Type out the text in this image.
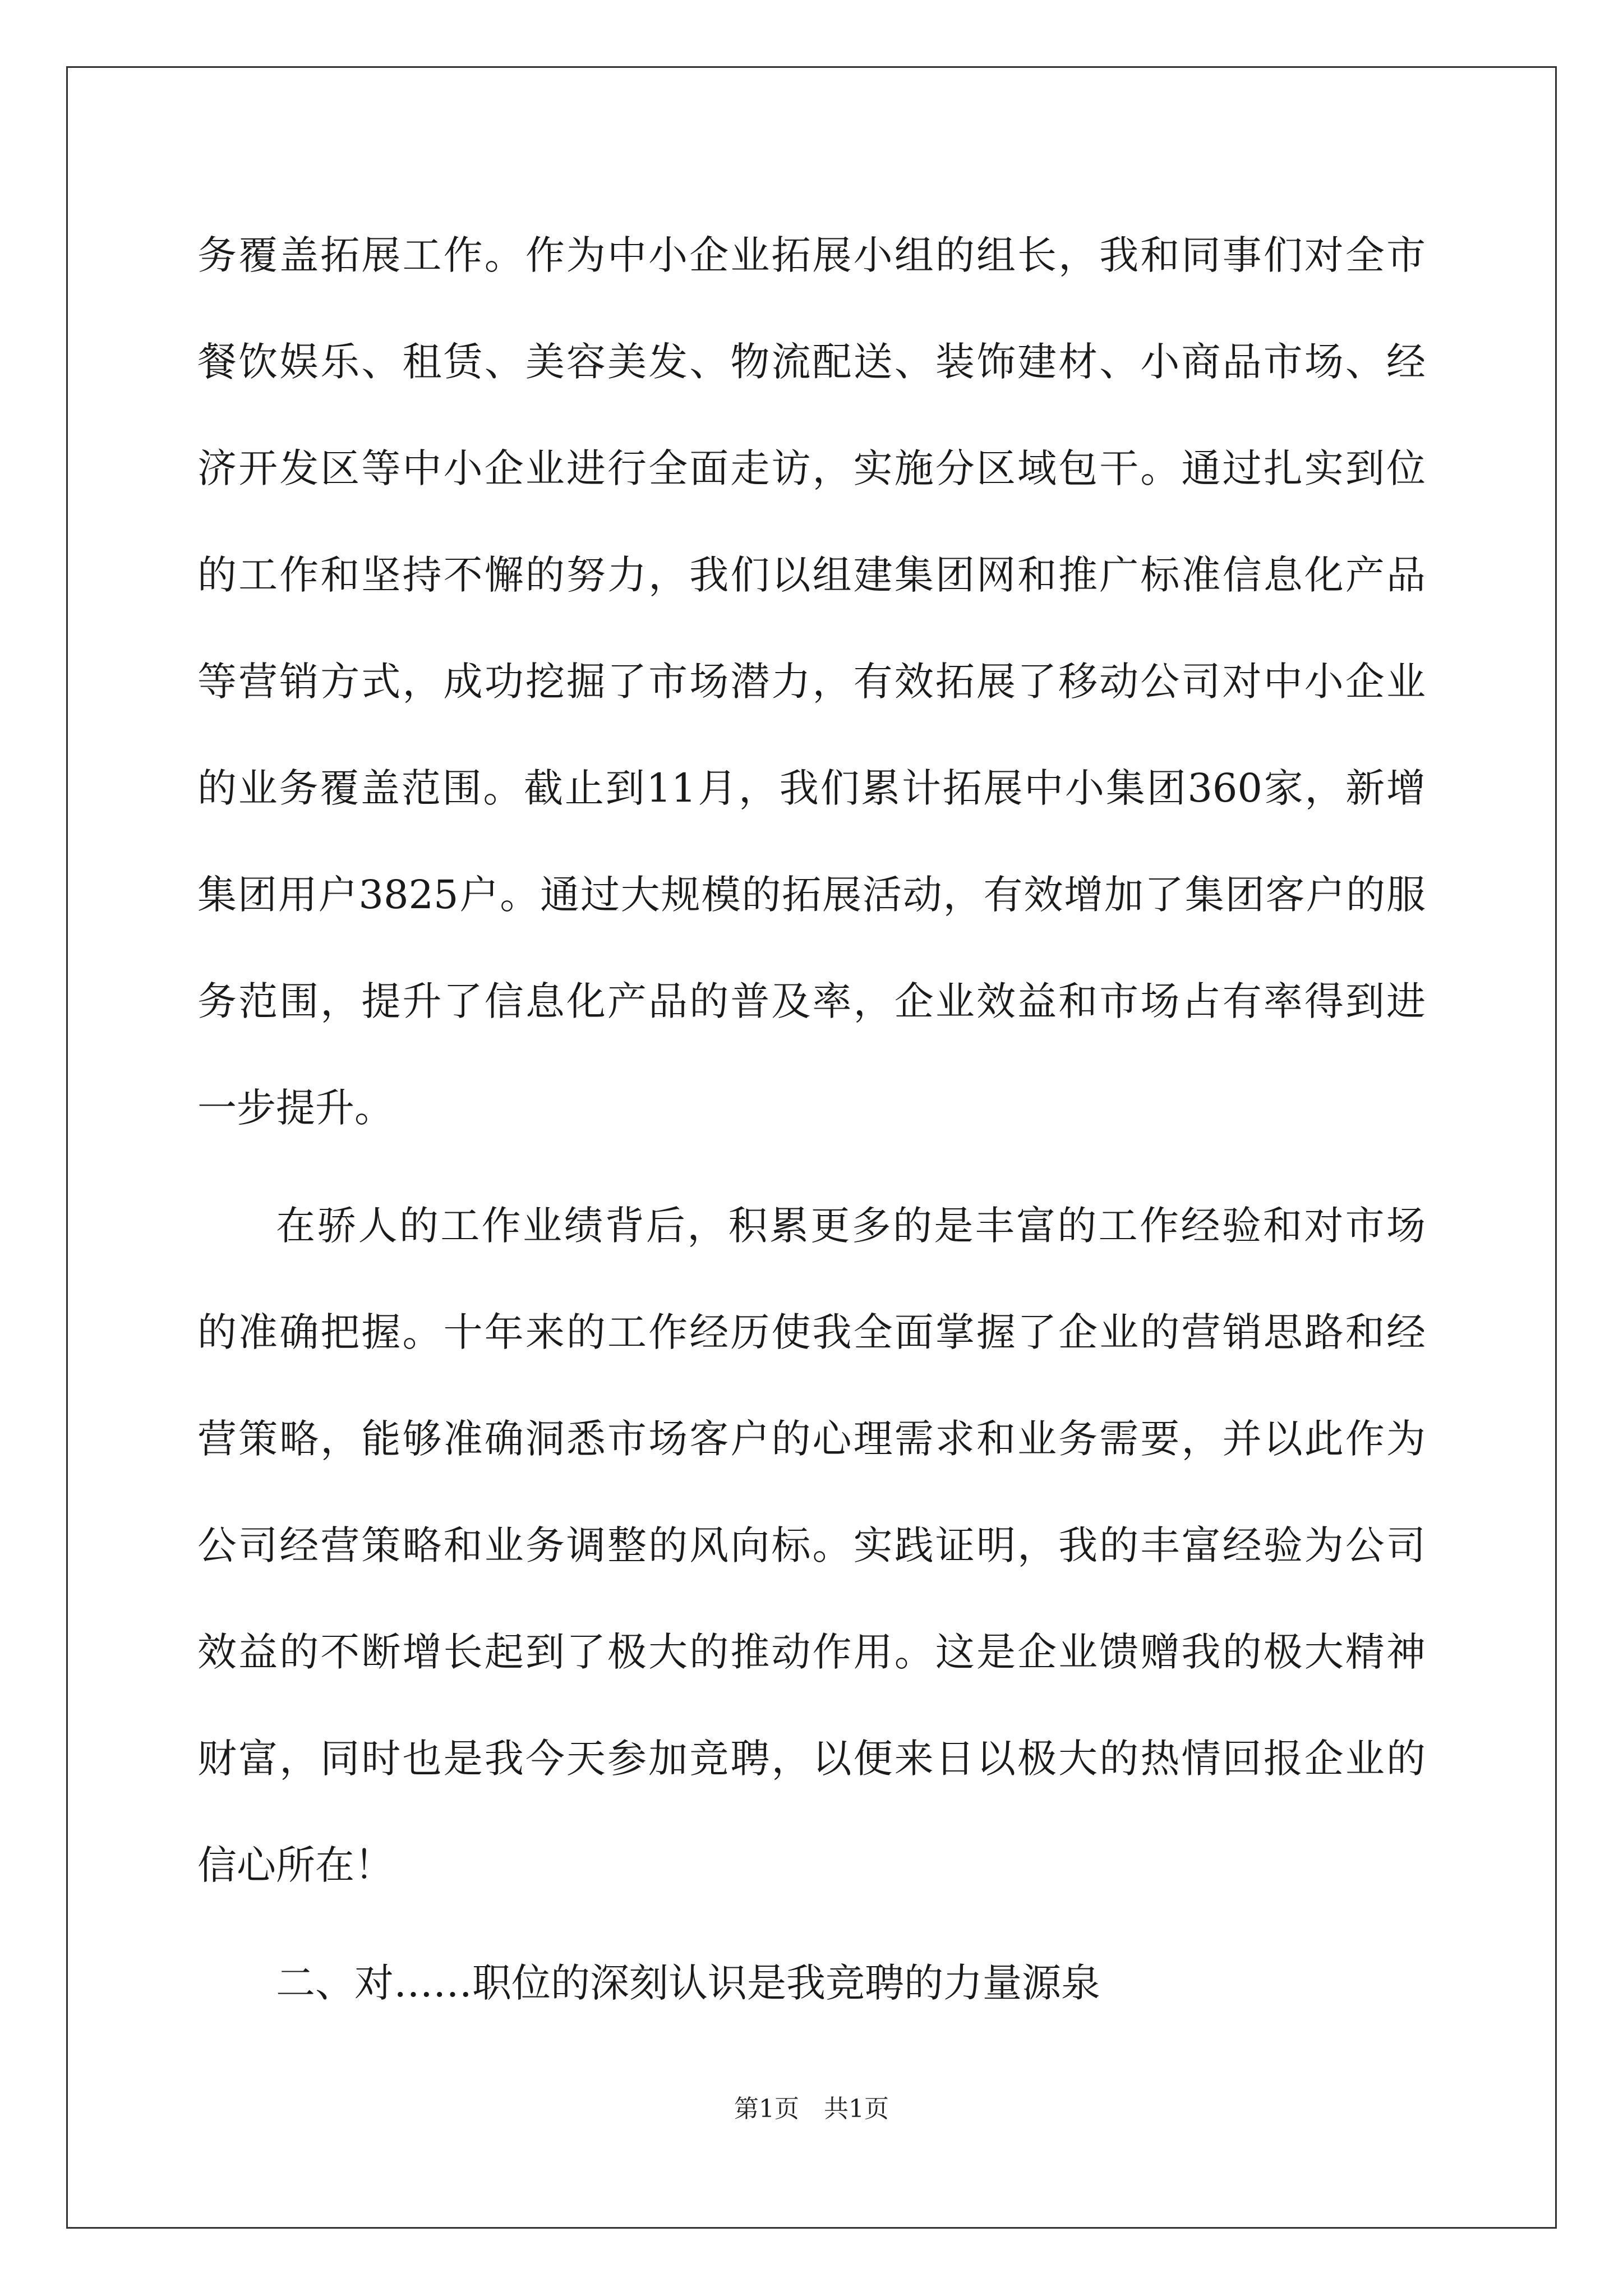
务覆盖拓展工作。作为中小企业拓展小组的组长，我和同事们对全市
餐饮娱乐、租赁、美容美发、物流配送、装饰建材、小商品市场、经
济开发区等中小企业进行全面走访，实施分区域包干。通过扎实到位
的工作和坚持不懈的努力，我们以组建集团网和推广标准信息化产品
等营销方式，成功挖掘了市场潜力，有效拓展了移动公司对中小企业
的业务覆盖范围。截止到11月，我们累计拓展中小集团360家，新增
集团用户3825户。通过大规模的拓展活动，有效增加了集团客户的服
务范围，提升了信息化产品的普及率，企业效益和市场占有率得到进
一步提升。
在骄人的工作业绩背后，积累更多的是丰富的工作经验和对市场
的准确把握。十年来的工作经历使我全面掌握了企业的营销思路和经
营策略，能够准确洞悉市场客户的心理需求和业务需要，并以此作为
公司经营策略和业务调整的风向标。实践证明，我的丰富经验为公司
效益的不断增长起到了极大的推动作用。这是企业馈赠我的极大精神
财富，同时也是我今天参加竞聘，以便来日以极大的热情回报企业的
信心所在！
二、对……职位的深刻认识是我竞聘的力量源泉
第1页　共1页
